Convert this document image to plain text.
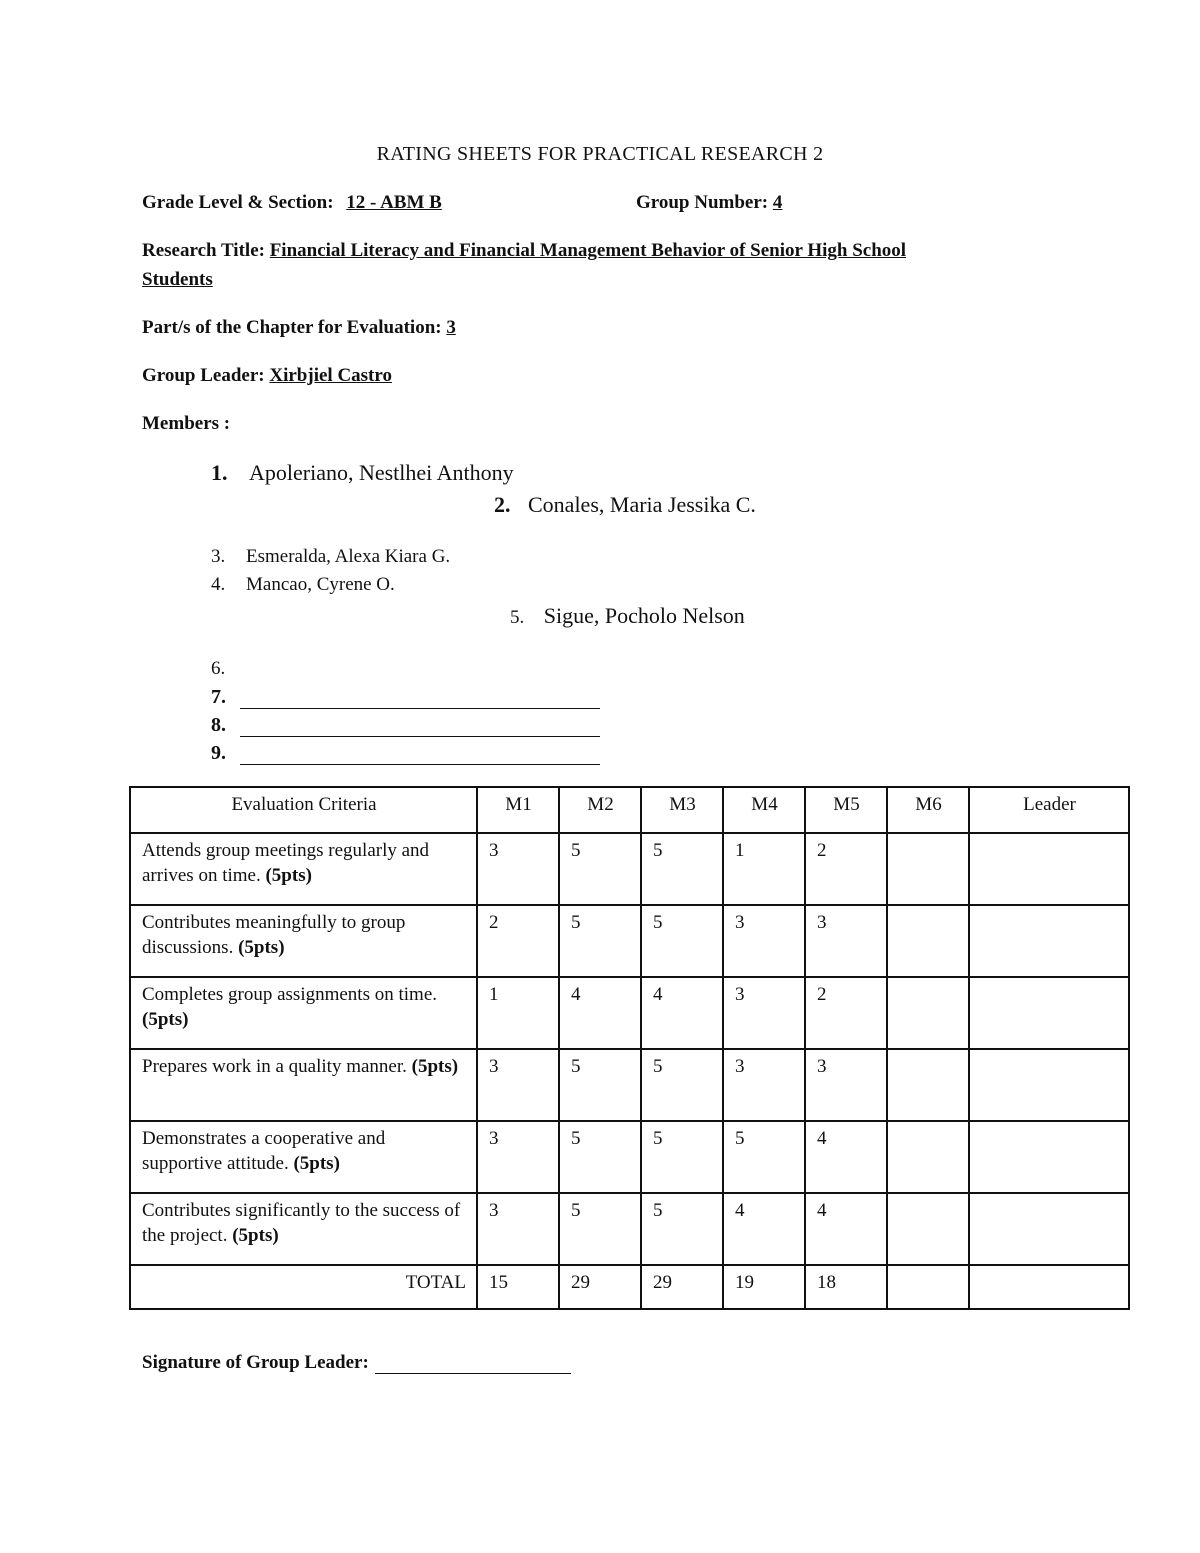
RATING SHEETS FOR PRACTICAL RESEARCH 2
Grade Level & Section: 12 - ABM B	Group Number: 4
Research Title: Financial Literacy and Financial Management Behavior of Senior High School
Students
Part/s of the Chapter for Evaluation: 3
Group Leader: Xirbjiel Castro
Members :
1. Apoleriano, Nestlhei Anthony
2. Conales, Maria Jessika C.
3. Esmeralda, Alexa Kiara G.
4. Mancao, Cyrene O.
5. Sigue, Pocholo Nelson
6.
7.
8.
9.
Evaluation Criteria	M1	M2	M3	M4	M5	M6	Leader
Attends group meetings regularly and arrives on time. (5pts)	3	5	5	1	2		
Contributes meaningfully to group discussions. (5pts)	2	5	5	3	3		
Completes group assignments on time. (5pts)	1	4	4	3	2		
Prepares work in a quality manner. (5pts)	3	5	5	3	3		
Demonstrates a cooperative and supportive attitude. (5pts)	3	5	5	5	4		
Contributes significantly to the success of the project. (5pts)	3	5	5	4	4		
TOTAL	15	29	29	19	18		
Signature of Group Leader:
